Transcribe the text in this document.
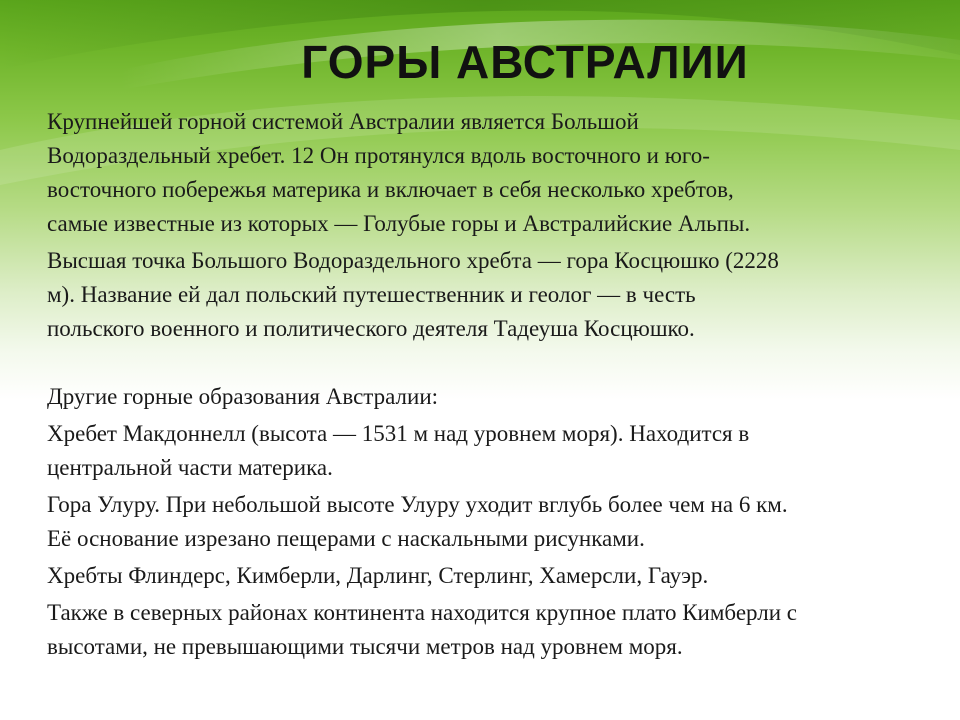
ГОРЫ АВСТРАЛИИ

Крупнейшей горной системой Австралии является Большой
Водораздельный хребет. 12 Он протянулся вдоль восточного и юго-
восточного побережья материка и включает в себя несколько хребтов,
самые известные из которых — Голубые горы и Австралийские Альпы.

Высшая точка Большого Водораздельного хребта — гора Косцюшко (2228
м). Название ей дал польский путешественник и геолог — в честь
польского военного и политического деятеля Тадеуша Косцюшко.

Другие горные образования Австралии:

Хребет Макдоннелл (высота — 1531 м над уровнем моря). Находится в
центральной части материка.

Гора Улуру. При небольшой высоте Улуру уходит вглубь более чем на 6 км.
Её основание изрезано пещерами с наскальными рисунками.

Хребты Флиндерс, Кимберли, Дарлинг, Стерлинг, Хамерсли, Гауэр.

Также в северных районах континента находится крупное плато Кимберли с
высотами, не превышающими тысячи метров над уровнем моря.
